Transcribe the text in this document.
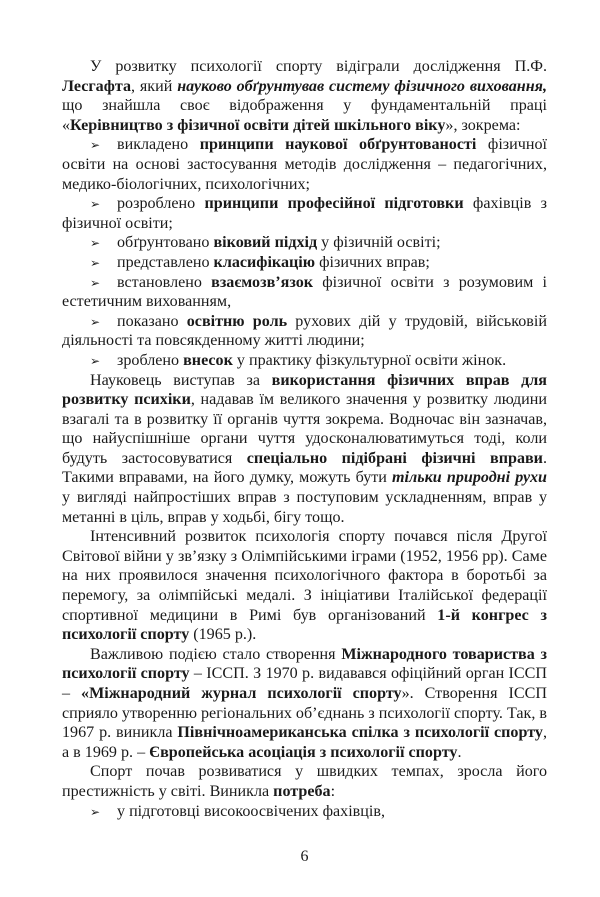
У розвитку психології спорту відіграли дослідження П.Ф. Лесгафта, який науково обґрунтував систему фізичного виховання, що знайшла своє відображення у фундаментальній праці «Керівництво з фізичної освіти дітей шкільного віку», зокрема:

➢ викладено принципи наукової обґрунтованості фізичної освіти на основі застосування методів дослідження – педагогічних, медико-біологічних, психологічних;

➢ розроблено принципи професійної підготовки фахівців з фізичної освіти;

➢ обґрунтовано віковий підхід у фізичній освіті;

➢ представлено класифікацію фізичних вправ;

➢ встановлено взаємозв’язок фізичної освіти з розумовим і естетичним вихованням,

➢ показано освітню роль рухових дій у трудовій, військовій діяльності та повсякденному житті людини;

➢ зроблено внесок у практику фізкультурної освіти жінок.

Науковець виступав за використання фізичних вправ для розвитку психіки, надавав їм великого значення у розвитку людини взагалі та в розвитку її органів чуття зокрема. Водночас він зазначав, що найуспішніше органи чуття удосконалюватимуться тоді, коли будуть застосовуватися спеціально підібрані фізичні вправи. Такими вправами, на його думку, можуть бути тільки природні рухи у вигляді найпростіших вправ з поступовим ускладненням, вправ у метанні в ціль, вправ у ходьбі, бігу тощо.

Інтенсивний розвиток психологія спорту почався після Другої Світової війни у зв’язку з Олімпійськими іграми (1952, 1956 рр). Саме на них проявилося значення психологічного фактора в боротьбі за перемогу, за олімпійські медалі. З ініціативи Італійської федерації спортивної медицини в Римі був організований 1-й конгрес з психології спорту (1965 р.).

Важливою подією стало створення Міжнародного товариства з психології спорту – ІССП. З 1970 р. видавався офіційний орган ІССП – «Міжнародний журнал психології спорту». Створення ІССП сприяло утворенню регіональних об’єднань з психології спорту. Так, в 1967 р. виникла Північноамериканська спілка з психології спорту, а в 1969 р. – Європейська асоціація з психології спорту.

Спорт почав розвиватися у швидких темпах, зросла його престижність у світі. Виникла потреба:

➢ у підготовці високоосвічених фахівців,

6
